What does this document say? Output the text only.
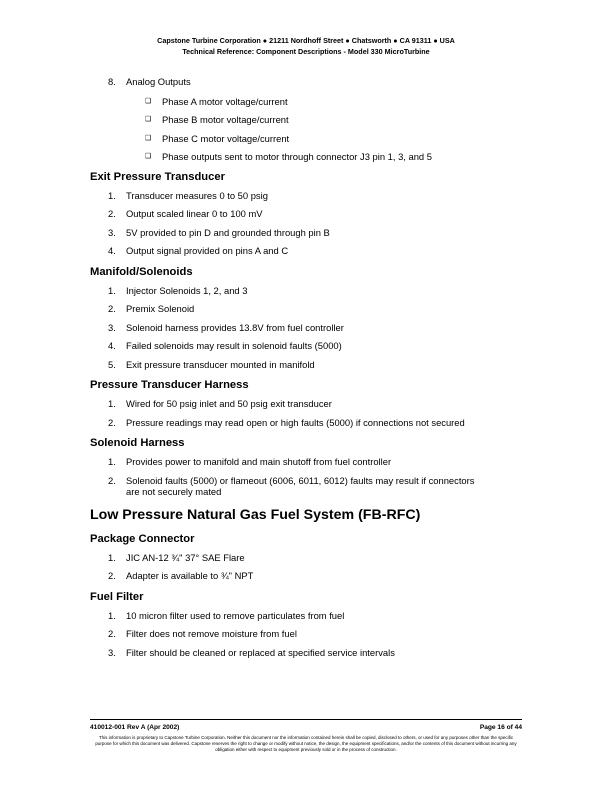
Capstone Turbine Corporation ● 21211 Nordhoff Street ● Chatsworth ● CA 91311 ● USA
Technical Reference: Component Descriptions - Model 330 MicroTurbine
8. Analog Outputs
❑ Phase A motor voltage/current
❑ Phase B motor voltage/current
❑ Phase C motor voltage/current
❑ Phase outputs sent to motor through connector J3 pin 1, 3, and 5
Exit Pressure Transducer
1. Transducer measures 0 to 50 psig
2. Output scaled linear 0 to 100 mV
3. 5V provided to pin D and grounded through pin B
4. Output signal provided on pins A and C
Manifold/Solenoids
1. Injector Solenoids 1, 2, and 3
2. Premix Solenoid
3. Solenoid harness provides 13.8V from fuel controller
4. Failed solenoids may result in solenoid faults (5000)
5. Exit pressure transducer mounted in manifold
Pressure Transducer Harness
1. Wired for 50 psig inlet and 50 psig exit transducer
2. Pressure readings may read open or high faults (5000) if connections not secured
Solenoid Harness
1. Provides power to manifold and main shutoff from fuel controller
2. Solenoid faults (5000) or flameout (6006, 6011, 6012) faults may result if connectors are not securely mated
Low Pressure Natural Gas Fuel System (FB-RFC)
Package Connector
1. JIC AN-12 ¾" 37° SAE Flare
2. Adapter is available to ¾" NPT
Fuel Filter
1. 10 micron filter used to remove particulates from fuel
2. Filter does not remove moisture from fuel
3. Filter should be cleaned or replaced at specified service intervals
410012-001 Rev A (Apr 2002)	Page 16 of 44
This information is proprietary to Capstone Turbine Corporation. Neither this document nor the information contained herein shall be copied, disclosed to others, or used for any purposes other than the specific purpose for which this document was delivered. Capstone reserves the right to change or modify without notice, the design, the equipment specifications, and/or the contents of this document without incurring any obligation either with respect to equipment previously sold or in the process of construction.
